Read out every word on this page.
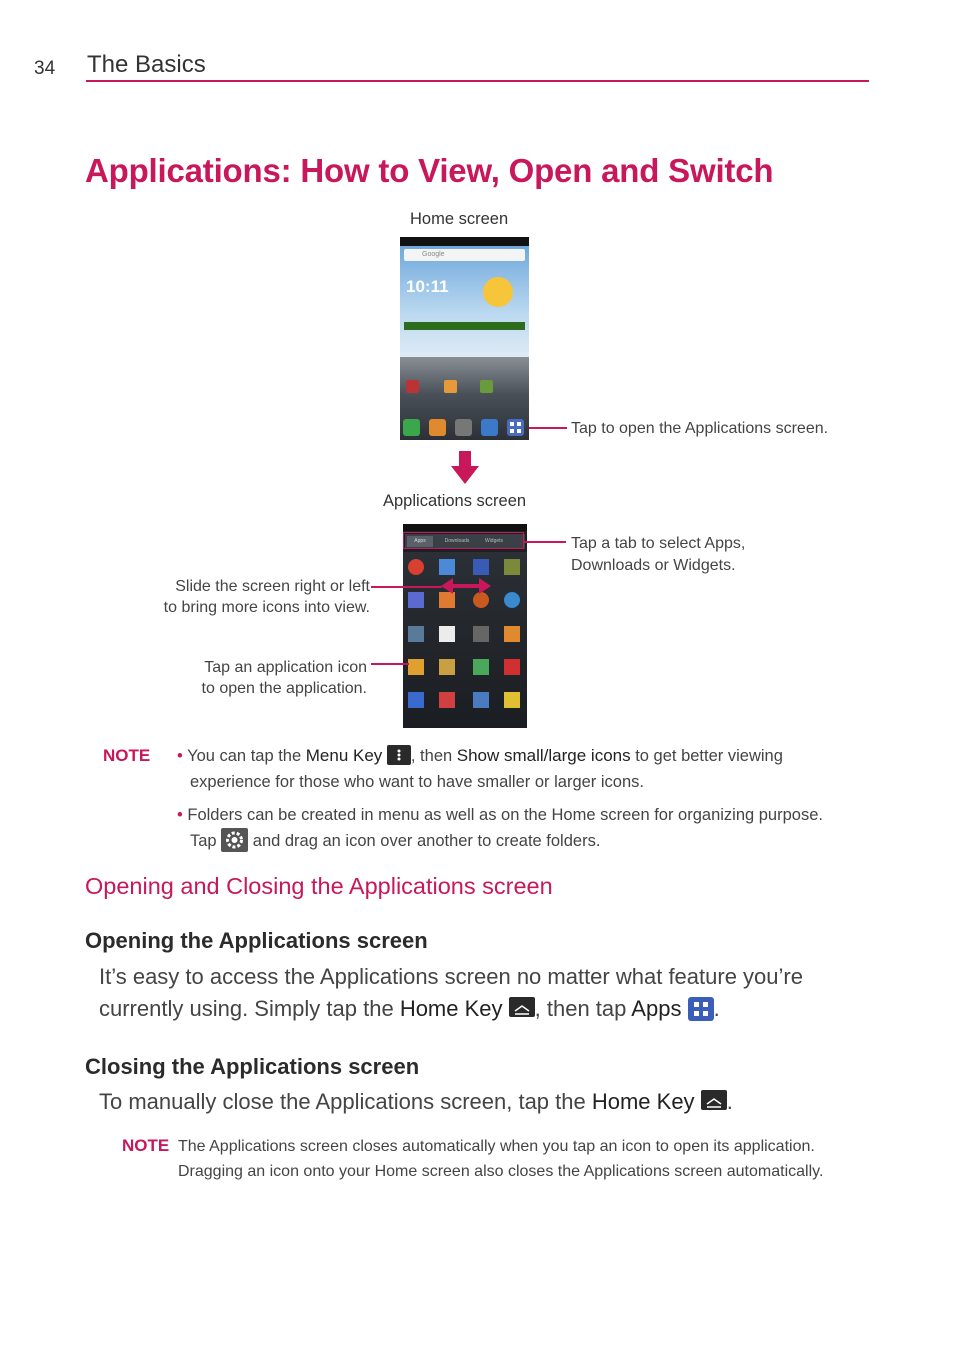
34 The Basics
Applications: How to View, Open and Switch
Home screen
Google
10:11
Tap to open the Applications screen.
Applications screen
Apps	Downloads	Widgets	Tap a tab to select Apps,
Downloads or Widgets.
Slide the screen right or left
to bring more icons into view.
Tap an application icon
to open the application.
NOTE • You can tap the Menu Key , then Show small/large icons to get better viewing
experience for those who want to have smaller or larger icons.
• Folders can be created in menu as well as on the Home screen for organizing purpose.
Tap  and drag an icon over another to create folders.
Opening and Closing the Applications screen
Opening the Applications screen
It’s easy to access the Applications screen no matter what feature you’re
currently using. Simply tap the Home Key , then tap Apps .
Closing the Applications screen
To manually close the Applications screen, tap the Home Key .
NOTE The Applications screen closes automatically when you tap an icon to open its application.
Dragging an icon onto your Home screen also closes the Applications screen automatically.
